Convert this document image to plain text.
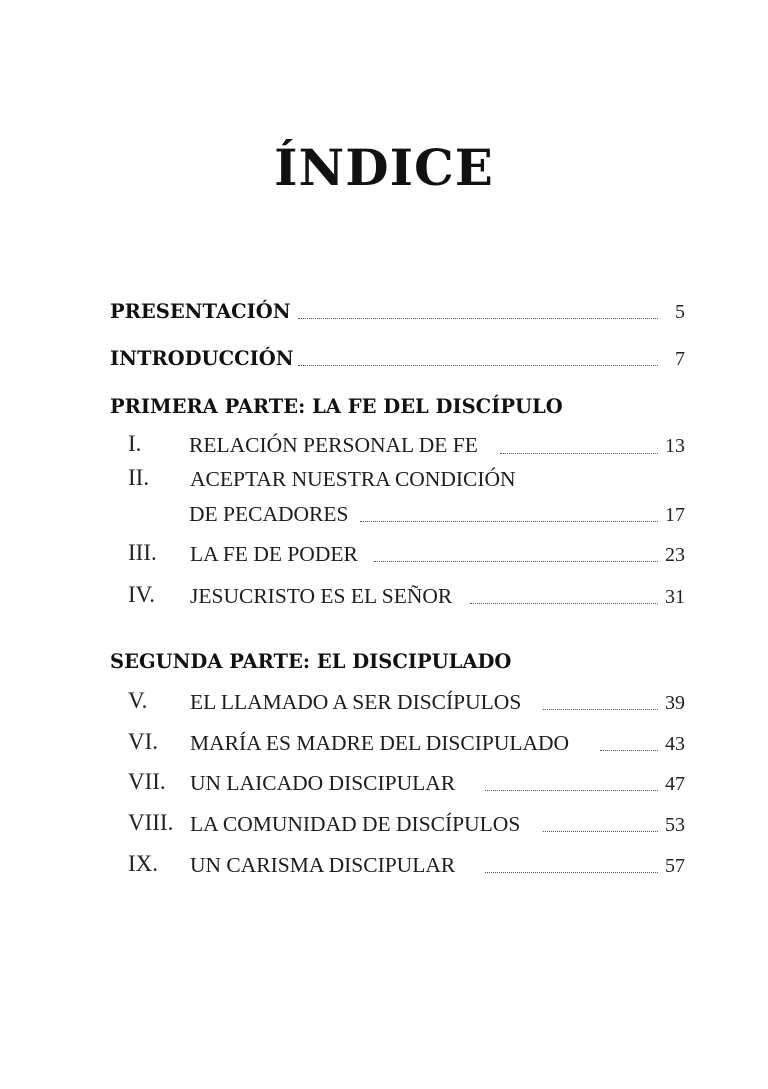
ÍNDICE
PRESENTACIÓN	5
INTRODUCCIÓN	7
PRIMERA PARTE: LA FE DEL DISCÍPULO
I. RELACIÓN PERSONAL DE FE	13
II. ACEPTAR NUESTRA CONDICIÓN
DE PECADORES	17
III. LA FE DE PODER	23
IV. JESUCRISTO ES EL SEÑOR	31
SEGUNDA PARTE: EL DISCIPULADO
V. EL LLAMADO A SER DISCÍPULOS	39
VI. MARÍA ES MADRE DEL DISCIPULADO	43
VII. UN LAICADO DISCIPULAR	47
VIII. LA COMUNIDAD DE DISCÍPULOS	53
IX. UN CARISMA DISCIPULAR	57
